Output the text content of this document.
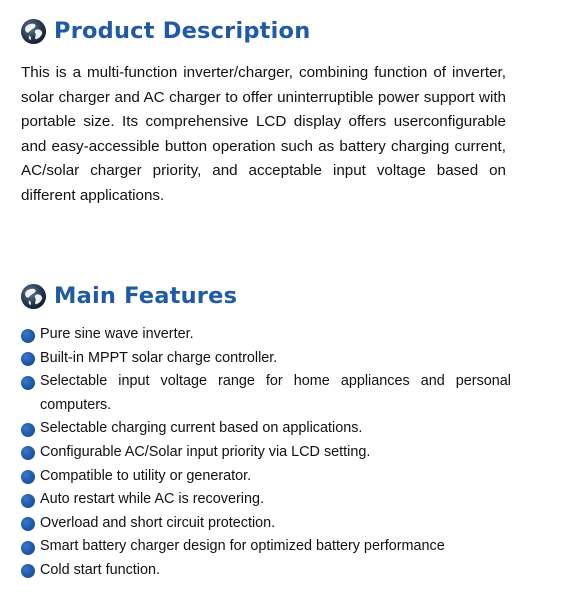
Product Description

This is a multi-function inverter/charger, combining function of inverter, solar charger and AC charger to offer uninterruptible power support with portable size. Its comprehensive LCD display offers userconfigurable and easy-accessible button operation such as battery charging current, AC/solar charger priority, and acceptable input voltage based on different applications.

Main Features
Pure sine wave inverter.
Built-in MPPT solar charge controller.
Selectable input voltage range for home appliances and personal computers.
Selectable charging current based on applications.
Configurable AC/Solar input priority via LCD setting.
Compatible to utility or generator.
Auto restart while AC is recovering.
Overload and short circuit protection.
Smart battery charger design for optimized battery performance
Cold start function.
